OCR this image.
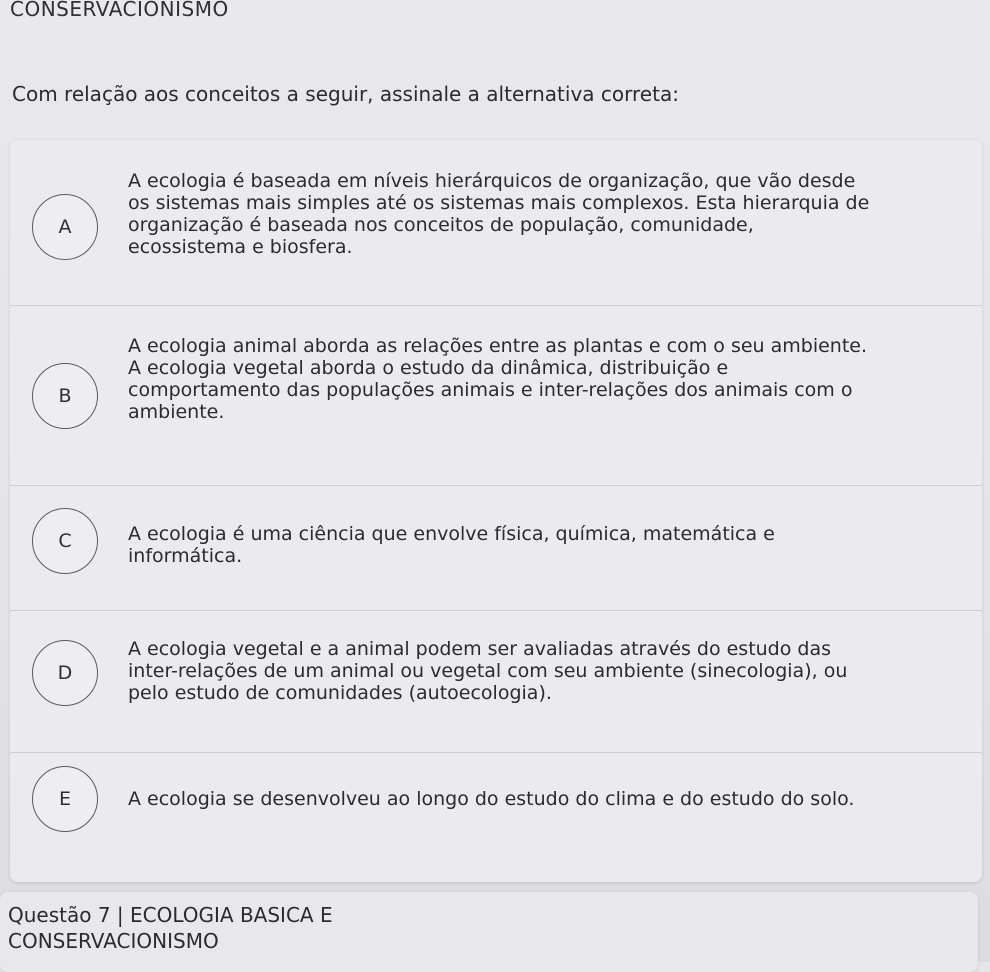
CONSERVACIONISMO
Com relação aos conceitos a seguir, assinale a alternativa correta:
A
A ecologia é baseada em níveis hierárquicos de organização, que vão desde
os sistemas mais simples até os sistemas mais complexos. Esta hierarquia de
organização é baseada nos conceitos de população, comunidade,
ecossistema e biosfera.
B
A ecologia animal aborda as relações entre as plantas e com o seu ambiente.
A ecologia vegetal aborda o estudo da dinâmica, distribuição e
comportamento das populações animais e inter-relações dos animais com o
ambiente.
C	A ecologia é uma ciência que envolve física, química, matemática e
informática.
D
A ecologia vegetal e a animal podem ser avaliadas através do estudo das
inter-relações de um animal ou vegetal com seu ambiente (sinecologia), ou
pelo estudo de comunidades (autoecologia).
E	A ecologia se desenvolveu ao longo do estudo do clima e do estudo do solo.
Questão 7 | ECOLOGIA BASICA E
CONSERVACIONISMO
